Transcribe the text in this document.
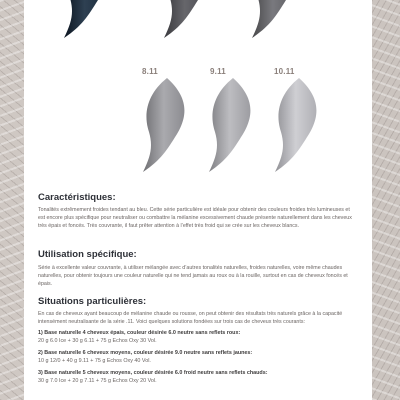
8.11	9.11	10.11
Caractéristiques:

Tonalités extrêmement froides tendant au bleu. Cette série particulière est idéale pour obtenir des couleurs froides très lumineuses et est encore plus spécifique pour neutraliser ou combattre la mélanine excessivement chaude présente naturellement dans les cheveux très épais et foncés. Très couvrante, il faut prêter attention à l’effet très froid qui se crée sur les cheveux blancs.

Utilisation spécifique:

Série à excellente valeur couvrante, à utiliser mélangée avec d’autres tonalités naturelles, froides naturelles, voire même chaudes naturelles, pour obtenir toujours une couleur naturelle qui ne tend jamais au roux ou à la rouille, surtout en cas de cheveux foncés et épais.

Situations particulières:

En cas de cheveux ayant beaucoup de mélanine chaude ou rousse, on peut obtenir des résultats très naturels grâce à la capacité intensément neutralisante de la série .11. Voici quelques solutions fondées sur trois cas de cheveux très courants:

1) Base naturelle 4 cheveux épais, couleur désirée 6.0 neutre sans reflets roux:

20 g 6.0 Ice + 30 g 6.11 + 75 g Echos Oxy 30 Vol.

2) Base naturelle 6 cheveux moyens, couleur désirée 9.0 neutre sans reflets jaunes:

10 g 12/0 + 40 g 9.11 + 75 g Echos Oxy 40 Vol.

3) Base naturelle 5 cheveux moyens, couleur désirée 6.0 froid neutre sans reflets chauds:

30 g 7.0 Ice + 20 g 7.11 + 75 g Echos Oxy 20 Vol.
